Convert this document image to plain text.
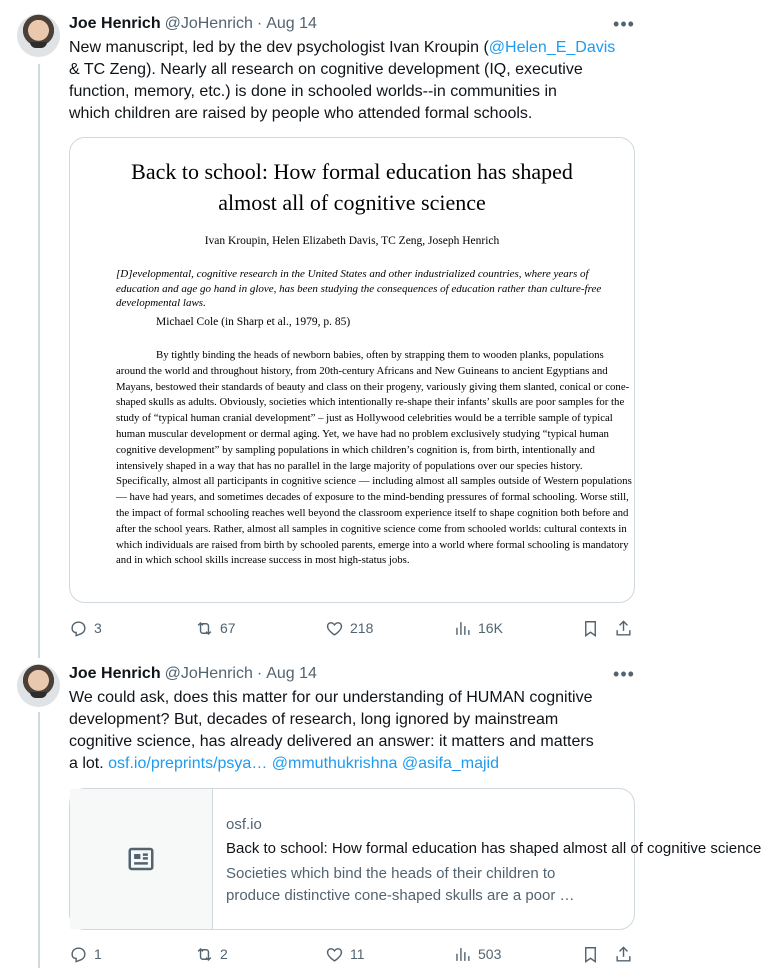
Joe Henrich @JoHenrich · Aug 14	•••
New manuscript, led by the dev psychologist Ivan Kroupin (@Helen_E_Davis
& TC Zeng). Nearly all research on cognitive development (IQ, executive
function, memory, etc.) is done in schooled worlds--in communities in
which children are raised by people who attended formal schools.
Back to school: How formal education has shaped
almost all of cognitive science
Ivan Kroupin, Helen Elizabeth Davis, TC Zeng, Joseph Henrich
[D]evelopmental, cognitive research in the United States and other industrialized countries, where years of education and age go hand in glove, has been studying the consequences of education rather than culture-free developmental laws.
Michael Cole (in Sharp et al., 1979, p. 85)
By tightly binding the heads of newborn babies, often by strapping them to wooden planks, populations around the world and throughout history, from 20th-century Africans and New Guineans to ancient Egyptians and Mayans, bestowed their standards of beauty and class on their progeny, variously giving them slanted, conical or cone-shaped skulls as adults. Obviously, societies which intentionally re-shape their infants’ skulls are poor samples for the study of “typical human cranial development” – just as Hollywood celebrities would be a terrible sample of typical human muscular development or dermal aging. Yet, we have had no problem exclusively studying “typical human cognitive development” by sampling populations in which children’s cognition is, from birth, intentionally and intensively shaped in a way that has no parallel in the large majority of populations over our species history. Specifically, almost all participants in cognitive science — including almost all samples outside of Western populations — have had years, and sometimes decades of exposure to the mind-bending pressures of formal schooling. Worse still, the impact of formal schooling reaches well beyond the classroom experience itself to shape cognition both before and after the school years. Rather, almost all samples in cognitive science come from schooled worlds: cultural contexts in which individuals are raised from birth by schooled parents, emerge into a world where formal schooling is mandatory and in which school skills increase success in most high-status jobs.
3	67	218	16K
Joe Henrich @JoHenrich · Aug 14	•••
We could ask, does this matter for our understanding of HUMAN cognitive
development? But, decades of research, long ignored by mainstream
cognitive science, has already delivered an answer: it matters and matters
a lot. osf.io/preprints/psya… @mmuthukrishna @asifa_majid
osf.io
Back to school: How formal education has shaped almost all of cognitive science
Societies which bind the heads of their children to
produce distinctive cone-shaped skulls are a poor …
1	2	11	503
